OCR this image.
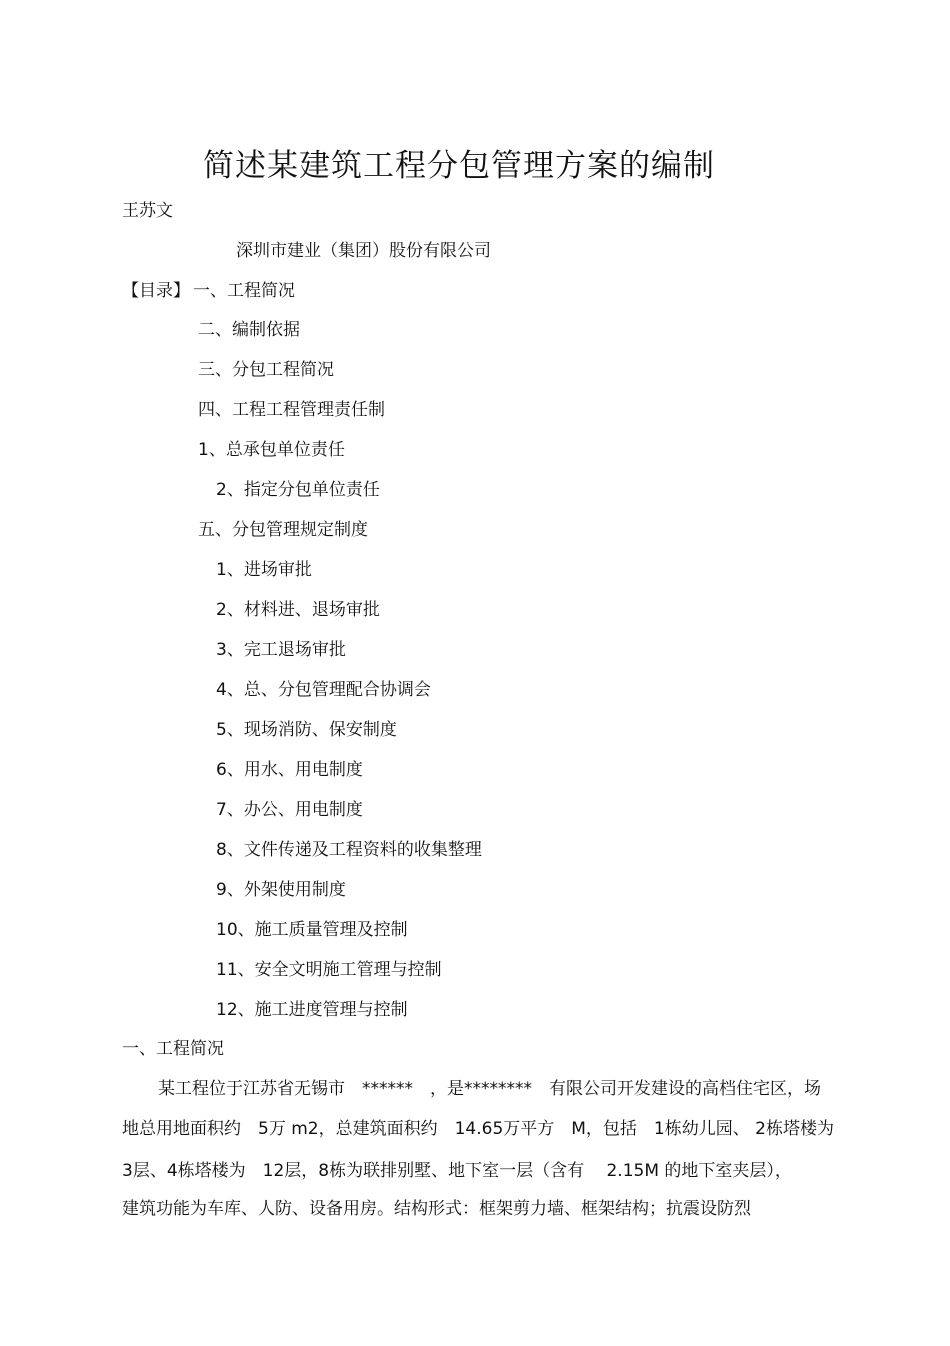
简述某建筑工程分包管理方案的编制
王苏文
深圳市建业（集团）股份有限公司
【目录】 一、工程简况
二、编制依据
三、分包工程简况
四、工程工程管理责任制
1、总承包单位责任
2、指定分包单位责任
五、分包管理规定制度
1、进场审批
2、材料进、退场审批
3、完工退场审批
4、总、分包管理配合协调会
5、现场消防、保安制度
6、用水、用电制度
7、办公、用电制度
8、文件传递及工程资料的收集整理
9、外架使用制度
10、施工质量管理及控制
11、安全文明施工管理与控制
12、施工进度管理与控制
一、工程简况
某工程位于江苏省无锡市　******　，是********　有限公司开发建设的高档住宅区，场
地总用地面积约　5万 m2，总建筑面积约　14.65万平方　M，包括　1栋幼儿园、 2栋塔楼为
3层、4栋塔楼为　12层，8栋为联排别墅、地下室一层（含有　 2.15M 的地下室夹层），
建筑功能为车库、人防、设备用房。结构形式：框架剪力墙、框架结构；抗震设防烈
